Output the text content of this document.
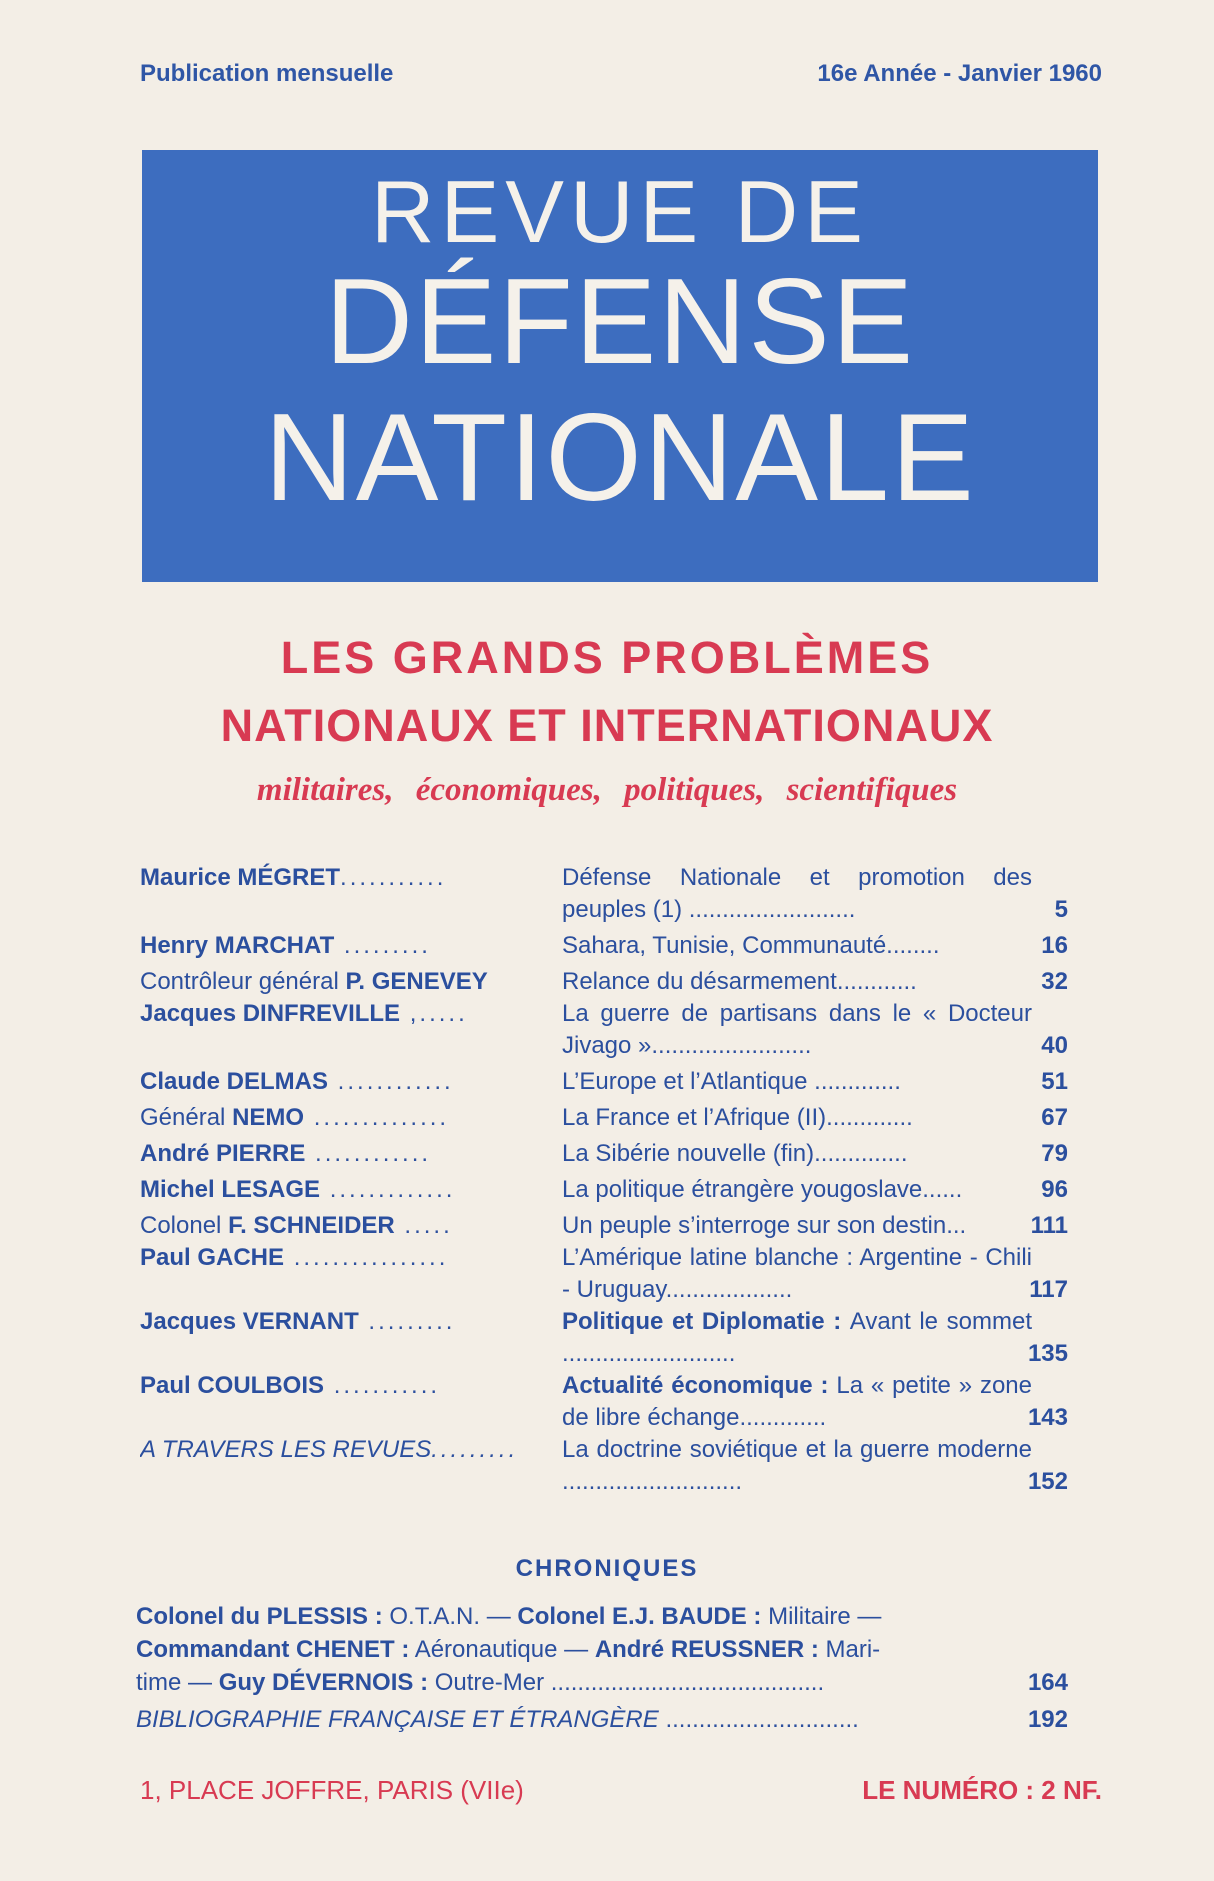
Publication mensuelle	16e Année - Janvier 1960
REVUE DE
DÉFENSE
NATIONALE
LES GRANDS PROBLÈMES
NATIONAUX ET INTERNATIONAUX
militaires, économiques, politiques, scientifiques
Maurice MÉGRET...........	Défense Nationale et promotion des peuples (1) .........................	5
Henry MARCHAT .........	Sahara, Tunisie, Communauté........	16
Contrôleur général P. GENEVEY	Relance du désarmement............	32
Jacques DINFREVILLE ,.....	La guerre de partisans dans le « Docteur Jivago »........................	40
Claude DELMAS ............	L’Europe et l’Atlantique .............	51
Général NEMO ..............	La France et l’Afrique (II).............	67
André PIERRE ............	La Sibérie nouvelle (fin)..............	79
Michel LESAGE .............	La politique étrangère yougoslave......	96
Colonel F. SCHNEIDER .....	Un peuple s’interroge sur son destin...	111
Paul GACHE ................	L’Amérique latine blanche : Argentine - Chili - Uruguay...................	117
Jacques VERNANT .........	Politique et Diplomatie : Avant le sommet ..........................	135
Paul COULBOIS ...........	Actualité économique : La « petite » zone de libre échange.............	143
A TRAVERS LES REVUES.........	La doctrine soviétique et la guerre moderne ...........................	152
CHRONIQUES
Colonel du PLESSIS : O.T.A.N. — Colonel E.J. BAUDE : Militaire —
Commandant CHENET : Aéronautique — André REUSSNER : Mari-
time — Guy DÉVERNOIS : Outre-Mer .........................................	164
BIBLIOGRAPHIE FRANÇAISE ET ÉTRANGÈRE .............................	192
1, PLACE JOFFRE, PARIS (VIIe)	LE NUMÉRO : 2 NF.
